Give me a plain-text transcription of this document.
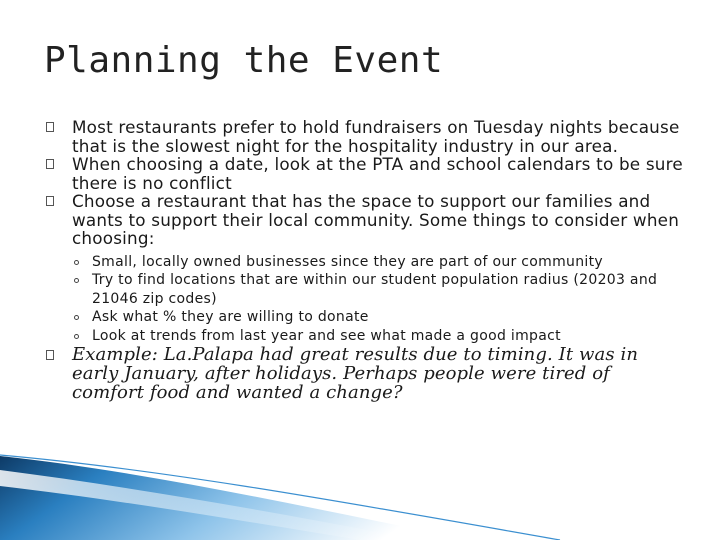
Planning the Event
Most restaurants prefer to hold fundraisers on Tuesday nights because that is the slowest night for the hospitality industry in our area.
When choosing a date, look at the PTA and school calendars to be sure there is no conflict
Choose a restaurant that has the space to support our families and wants to support their local community. Some things to consider when choosing:
Small, locally owned businesses since they are part of our community
Try to find locations that are within our student population radius (20203 and 21046 zip codes)
Ask what % they are willing to donate
Look at trends from last year and see what made a good impact
Example: La.Palapa had great results due to timing. It was in early January, after holidays. Perhaps people were tired of comfort food and wanted a change?
